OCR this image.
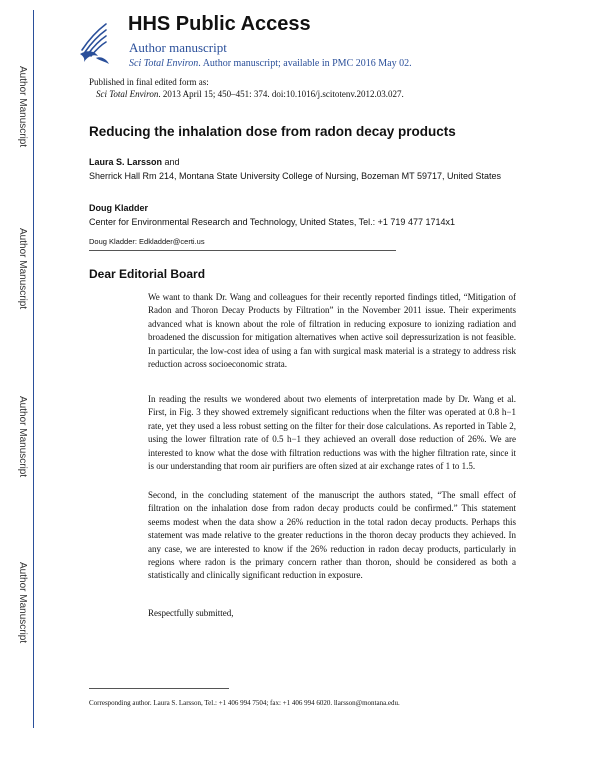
Author Manuscript
Author Manuscript
Author Manuscript
Author Manuscript
HHS Public Access
Author manuscript
Sci Total Environ. Author manuscript; available in PMC 2016 May 02.
Published in final edited form as:
Sci Total Environ. 2013 April 15; 450–451: 374. doi:10.1016/j.scitotenv.2012.03.027.
Reducing the inhalation dose from radon decay products
Laura S. Larsson and
Sherrick Hall Rm 214, Montana State University College of Nursing, Bozeman MT 59717, United States
Doug Kladder
Center for Environmental Research and Technology, United States, Tel.: +1 719 477 1714x1
Doug Kladder: Edkladder@certi.us
Dear Editorial Board

We want to thank Dr. Wang and colleagues for their recently reported findings titled, “Mitigation of Radon and Thoron Decay Products by Filtration” in the November 2011 issue. Their experiments advanced what is known about the role of filtration in reducing exposure to ionizing radiation and broadened the discussion for mitigation alternatives when active soil depressurization is not feasible. In particular, the low-cost idea of using a fan with surgical mask material is a strategy to address risk reduction across socioeconomic strata.

In reading the results we wondered about two elements of interpretation made by Dr. Wang et al. First, in Fig. 3 they showed extremely significant reductions when the filter was operated at 0.8 h−1 rate, yet they used a less robust setting on the filter for their dose calculations. As reported in Table 2, using the lower filtration rate of 0.5 h−1 they achieved an overall dose reduction of 26%. We are interested to know what the dose with filtration reductions was with the higher filtration rate, since it is our understanding that room air purifiers are often sized at air exchange rates of 1 to 1.5.

Second, in the concluding statement of the manuscript the authors stated, “The small effect of filtration on the inhalation dose from radon decay products could be confirmed.” This statement seems modest when the data show a 26% reduction in the total radon decay products. Perhaps this statement was made relative to the greater reductions in the thoron decay products they achieved. In any case, we are interested to know if the 26% reduction in radon decay products, particularly in regions where radon is the primary concern rather than thoron, should be considered as both a statistically and clinically significant reduction in exposure.

Respectfully submitted,
Corresponding author. Laura S. Larsson, Tel.: +1 406 994 7504; fax: +1 406 994 6020. llarsson@montana.edu.
